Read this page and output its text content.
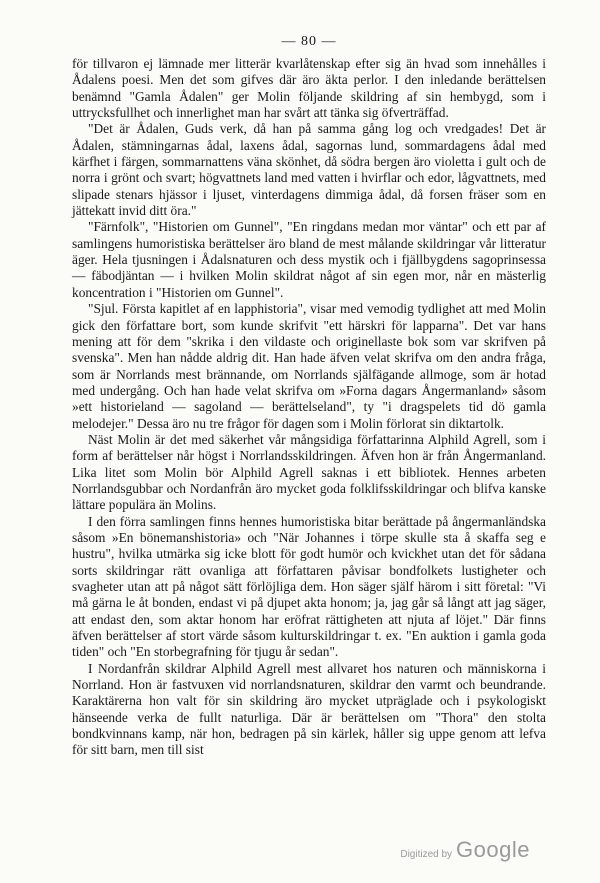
— 80 —

för tillvaron ej lämnade mer litterär kvarlåtenskap efter sig än hvad som innehålles i Ådalens poesi. Men det som gifves där äro äkta perlor. I den inledande berättelsen benämnd "Gamla Ådalen" ger Molin följande skildring af sin hembygd, som i uttrycksfullhet och innerlighet man har svårt att tänka sig öfverträffad.

"Det är Ådalen, Guds verk, då han på samma gång log och vredgades! Det är Ådalen, stämningarnas ådal, laxens ådal, sagornas lund, sommardagens ådal med kärfhet i färgen, sommarnattens väna skönhet, då södra bergen äro violetta i gult och de norra i grönt och svart; högvattnets land med vatten i hvirflar och edor, lågvattnets, med slipade stenars hjässor i ljuset, vinterdagens dimmiga ådal, då forsen fräser som en jättekatt invid ditt öra."

"Färnfolk", "Historien om Gunnel", "En ringdans medan mor väntar" och ett par af samlingens humoristiska berättelser äro bland de mest målande skildringar vår litteratur äger. Hela tjusningen i Ådalsnaturen och dess mystik och i fjällbygdens sagoprinsessa — fäbodjäntan — i hvilken Molin skildrat något af sin egen mor, når en mästerlig koncentration i "Historien om Gunnel".

"Sjul. Första kapitlet af en lapphistoria", visar med vemodig tydlighet att med Molin gick den författare bort, som kunde skrifvit "ett härskri för lapparna". Det var hans mening att för dem "skrika i den vildaste och originellaste bok som var skrifven på svenska". Men han nådde aldrig dit. Han hade äfven velat skrifva om den andra fråga, som är Norrlands mest brännande, om Norrlands själfägande allmoge, som är hotad med undergång. Och han hade velat skrifva om »Forna dagars Ångermanland» såsom »ett historieland — sagoland — berättelseland", ty "i dragspelets tid dö gamla melodejer." Dessa äro nu tre frågor för dagen som i Molin förlorat sin diktartolk.

Näst Molin är det med säkerhet vår mångsidiga författarinna Alphild Agrell, som i form af berättelser når högst i Norrlandsskildringen. Äfven hon är från Ångermanland. Lika litet som Molin bör Alphild Agrell saknas i ett bibliotek. Hennes arbeten Norrlandsgubbar och Nordanfrån äro mycket goda folklifsskildringar och blifva kanske lättare populära än Molins.

I den förra samlingen finns hennes humoristiska bitar berättade på ångermanländska såsom »En bönemanshistoria» och "När Johannes i törpe skulle sta å skaffa seg e hustru", hvilka utmärka sig icke blott för godt humör och kvickhet utan det för sådana sorts skildringar rätt ovanliga att författaren påvisar bondfolkets lustigheter och svagheter utan att på något sätt förlöjliga dem. Hon säger själf härom i sitt företal: "Vi må gärna le åt bonden, endast vi på djupet akta honom; ja, jag går så långt att jag säger, att endast den, som aktar honom har eröfrat rättigheten att njuta af löjet." Där finns äfven berättelser af stort värde såsom kulturskildringar t. ex. "En auktion i gamla goda tiden" och "En storbegrafning för tjugu år sedan".

I Nordanfrån skildrar Alphild Agrell mest allvaret hos naturen och människorna i Norrland. Hon är fastvuxen vid norrlandsnaturen, skildrar den varmt och beundrande. Karaktärerna hon valt för sin skildring äro mycket utpräglade och i psykologiskt hänseende verka de fullt naturliga. Där är berättelsen om "Thora" den stolta bondkvinnans kamp, när hon, bedragen på sin kärlek, håller sig uppe genom att lefva för sitt barn, men till sist

Digitized by Google
